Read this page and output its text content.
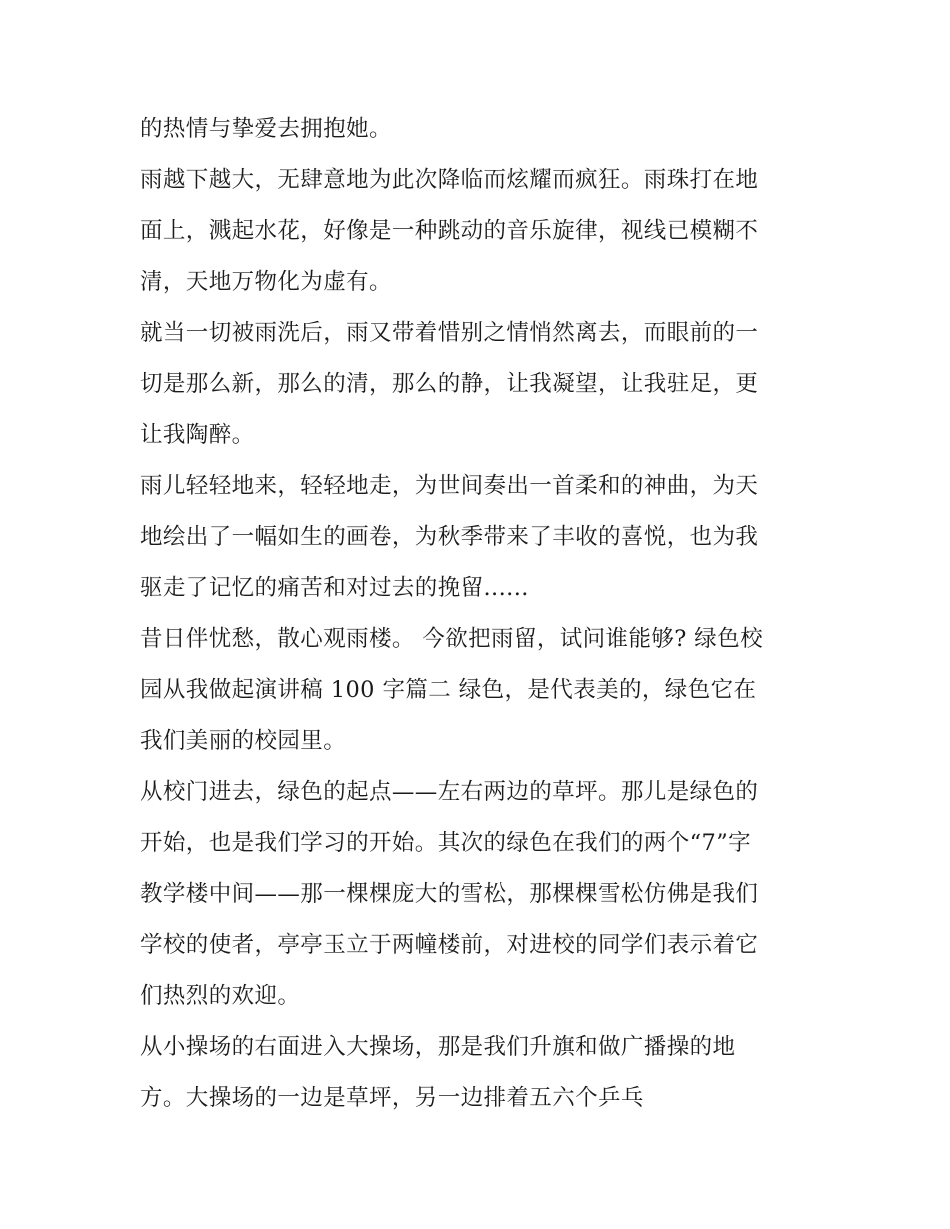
的热情与挚爱去拥抱她。
雨越下越大，无肆意地为此次降临而炫耀而疯狂。雨珠打在地
面上，溅起水花，好像是一种跳动的音乐旋律，视线已模糊不
清，天地万物化为虚有。
就当一切被雨洗后，雨又带着惜别之情悄然离去，而眼前的一
切是那么新，那么的清，那么的静，让我凝望，让我驻足，更
让我陶醉。
雨儿轻轻地来，轻轻地走，为世间奏出一首柔和的神曲，为天
地绘出了一幅如生的画卷，为秋季带来了丰收的喜悦，也为我
驱走了记忆的痛苦和对过去的挽留......
昔日伴忧愁，散心观雨楼。 今欲把雨留，试问谁能够? 绿色校
园从我做起演讲稿 100 字篇二 绿色，是代表美的，绿色它在
我们美丽的校园里。
从校门进去，绿色的起点——左右两边的草坪。那儿是绿色的
开始，也是我们学习的开始。其次的绿色在我们的两个“7”字
教学楼中间——那一棵棵庞大的雪松，那棵棵雪松仿佛是我们
学校的使者，亭亭玉立于两幢楼前，对进校的同学们表示着它
们热烈的欢迎。
从小操场的右面进入大操场，那是我们升旗和做广播操的地
方。大操场的一边是草坪，另一边排着五六个乒乓
